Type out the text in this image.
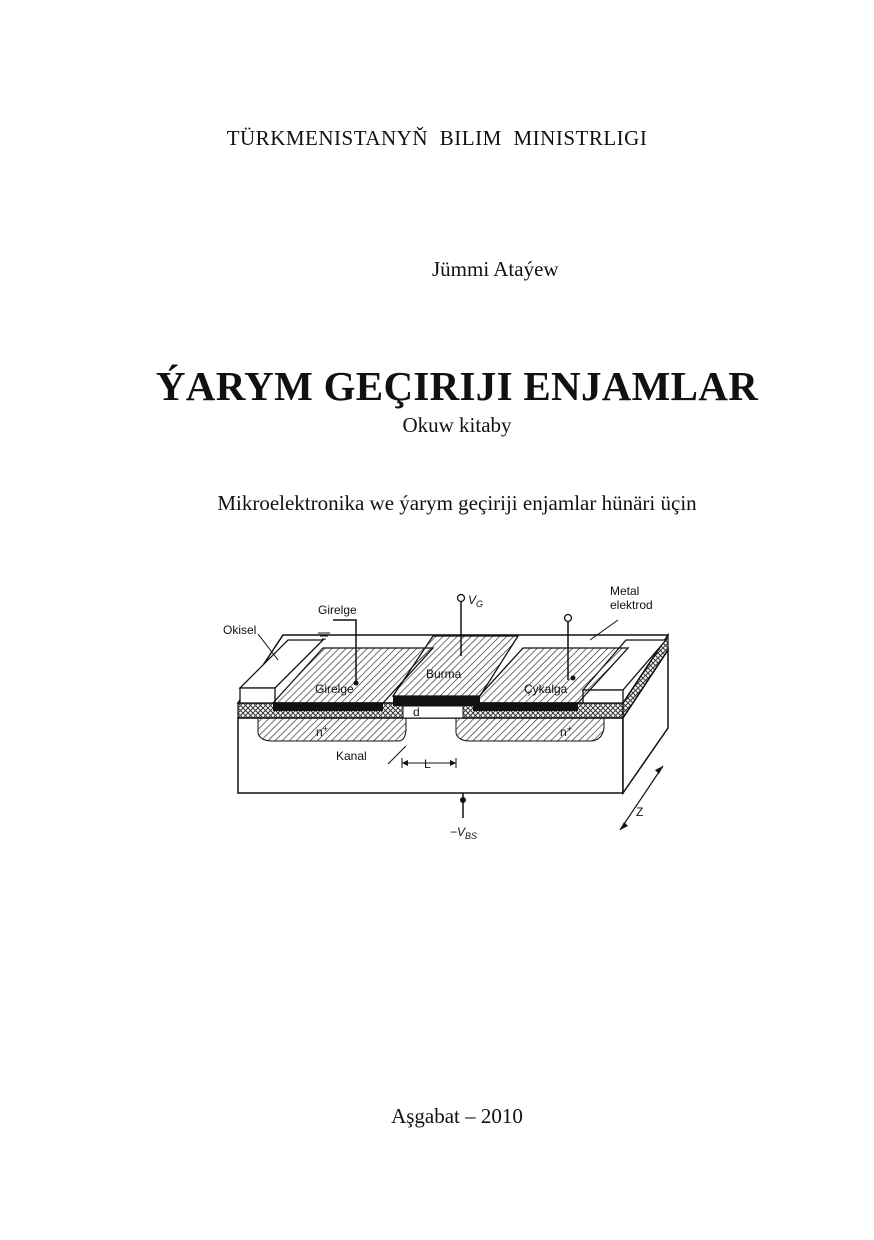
TÜRKMENISTANYŇ BILIM MINISTRLIGI
Jümmi Ataýew
ÝARYM GEÇIRIJI ENJAMLAR
Okuw kitaby
Mikroelektronika we ýarym geçiriji enjamlar hünäri üçin
Okisel
Girelge
$V_G$
Metal
elektrod
Burma
Girelge	Çykalga
d
n+	n+
Kanal
L
$-V_{BS}$
Z
Aşgabat – 2010
